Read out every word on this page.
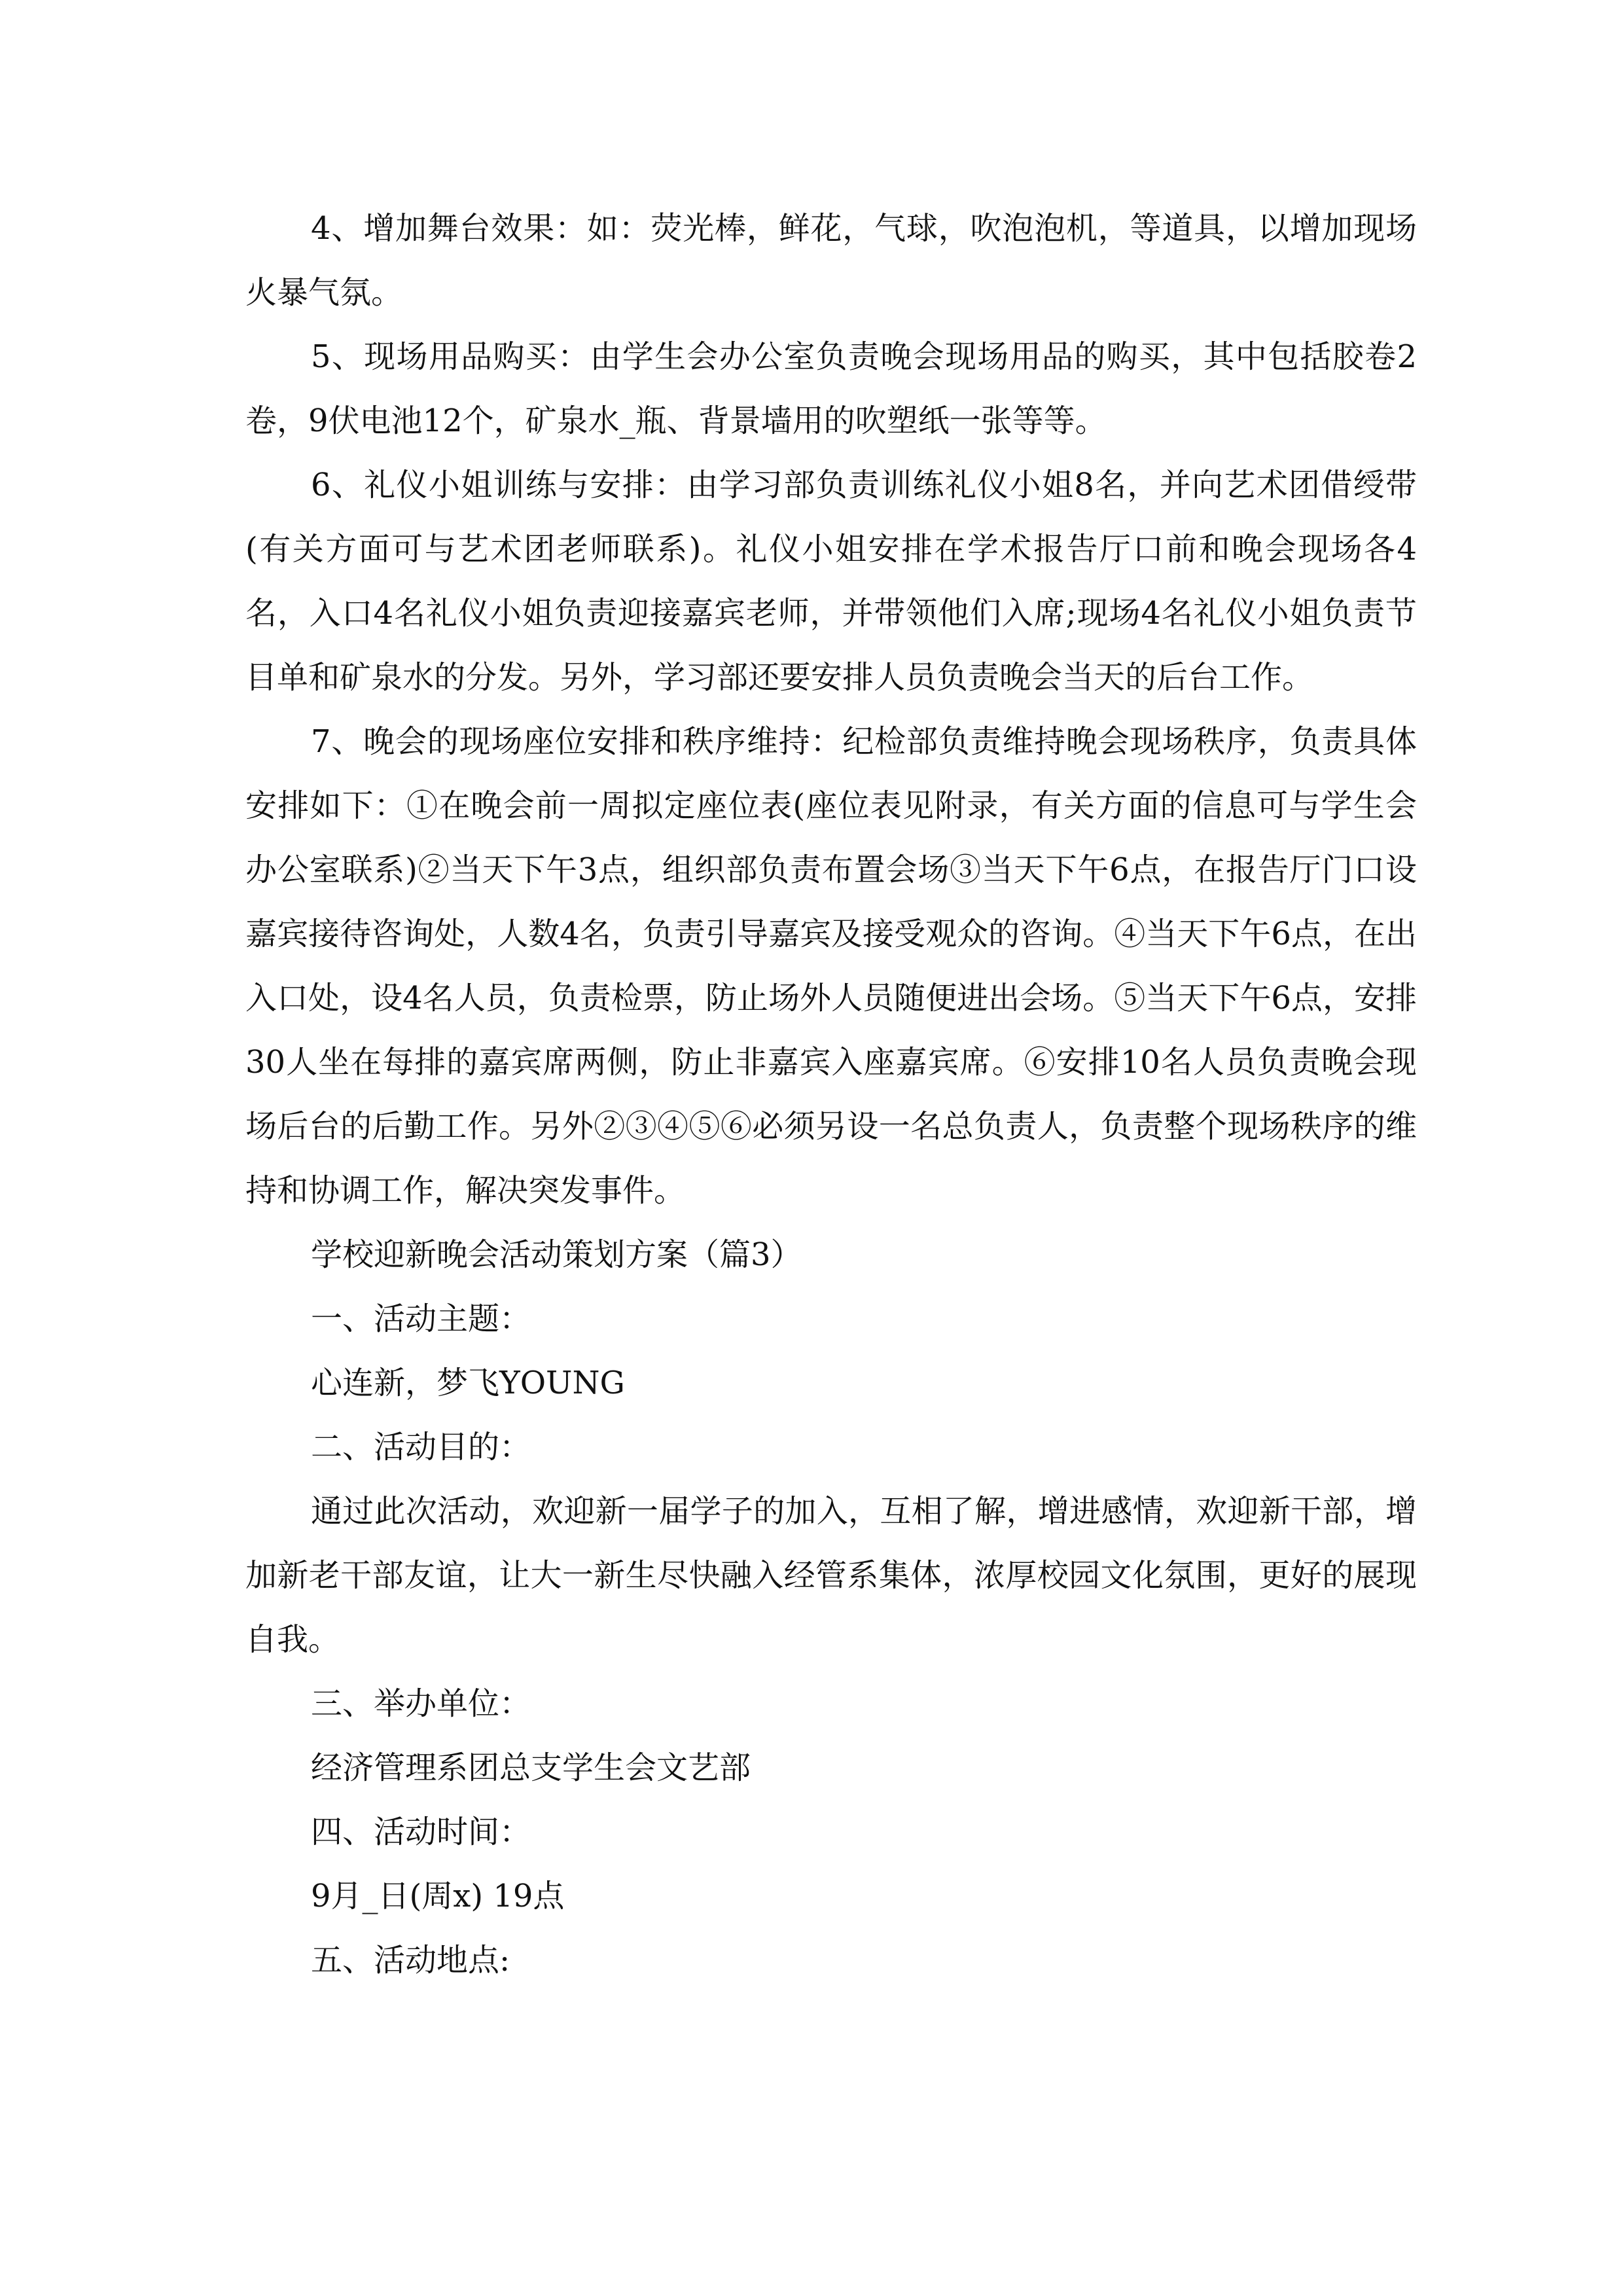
4、增加舞台效果：如：荧光棒，鲜花，气球，吹泡泡机，等道具，以增加现场火暴气氛。

5、现场用品购买：由学生会办公室负责晚会现场用品的购买，其中包括胶卷2卷，9伏电池12个，矿泉水_瓶、背景墙用的吹塑纸一张等等。

6、礼仪小姐训练与安排：由学习部负责训练礼仪小姐8名，并向艺术团借绶带(有关方面可与艺术团老师联系)。礼仪小姐安排在学术报告厅口前和晚会现场各4名，入口4名礼仪小姐负责迎接嘉宾老师，并带领他们入席;现场4名礼仪小姐负责节目单和矿泉水的分发。另外，学习部还要安排人员负责晚会当天的后台工作。

7、晚会的现场座位安排和秩序维持：纪检部负责维持晚会现场秩序，负责具体安排如下：①在晚会前一周拟定座位表(座位表见附录，有关方面的信息可与学生会办公室联系)②当天下午3点，组织部负责布置会场③当天下午6点，在报告厅门口设嘉宾接待咨询处，人数4名，负责引导嘉宾及接受观众的咨询。④当天下午6点，在出入口处，设4名人员，负责检票，防止场外人员随便进出会场。⑤当天下午6点，安排30人坐在每排的嘉宾席两侧，防止非嘉宾入座嘉宾席。⑥安排10名人员负责晚会现场后台的后勤工作。另外②③④⑤⑥必须另设一名总负责人，负责整个现场秩序的维持和协调工作，解决突发事件。

学校迎新晚会活动策划方案（篇3）

一、活动主题：

心连新，梦飞YOUNG

二、活动目的：

通过此次活动，欢迎新一届学子的加入，互相了解，增进感情，欢迎新干部，增加新老干部友谊，让大一新生尽快融入经管系集体，浓厚校园文化氛围，更好的展现自我。

三、举办单位：

经济管理系团总支学生会文艺部

四、活动时间：

9月_日(周x) 19点

五、活动地点:
